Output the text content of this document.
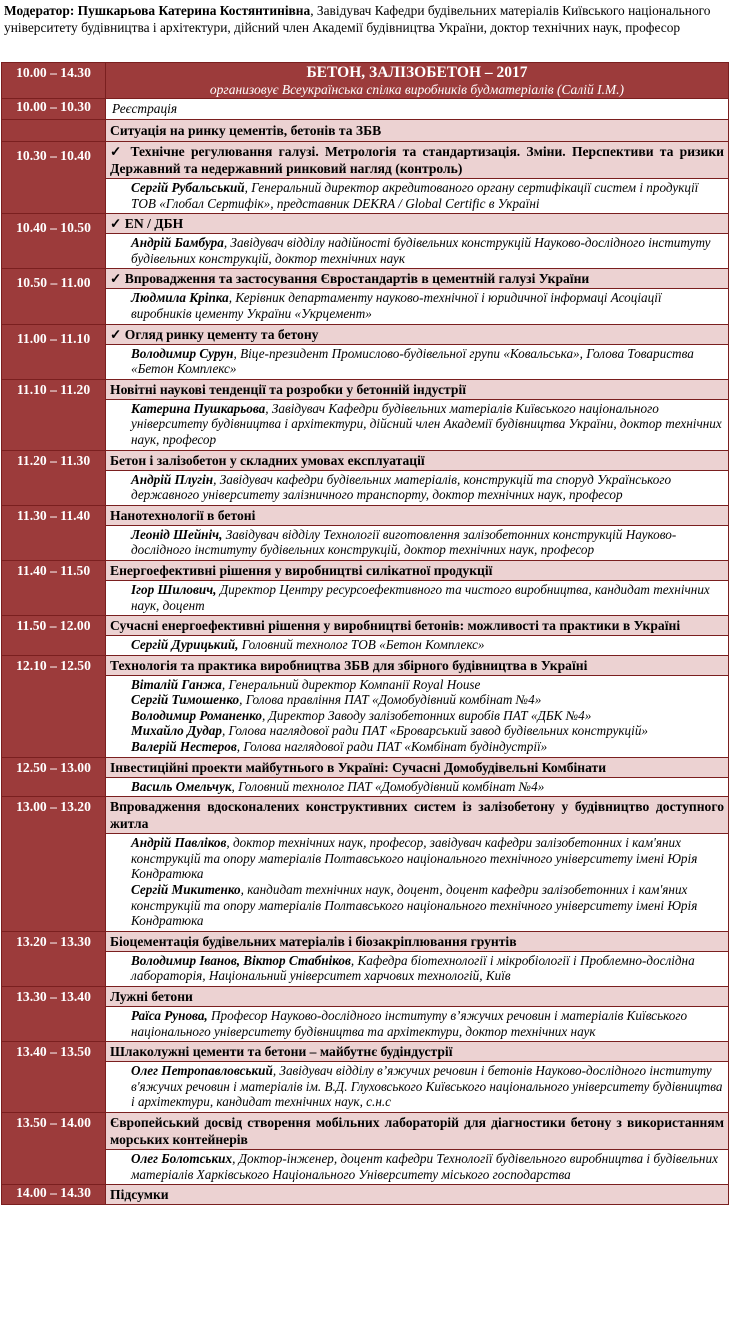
Модератор: Пушкарьова Катерина Костянтинівна, Завідувач Кафедри будівельних матеріалів Київського національного університету будівництва і архітектури, дійсний член Академії будівництва України, доктор технічних наук, професор
10.00 – 14.30	БЕТОН, ЗАЛІЗОБЕТОН – 2017
организовує Всеукраїнська спілка виробників будматеріалів (Салій І.М.)

10.00 – 10.30	Реєстрація
	Ситуація на ринку цементів, бетонів та ЗБВ

10.30 – 10.40	✓ Технічне регулювання галузі. Метрологія та стандартизація. Зміни. Перспективи та ризики Державний та недержавний ринковий нагляд (контроль)

	Сергій Рубальський, Генеральний директор акредитованого органу сертифікації систем і продукції ТОВ «Глобал Сертифік», представник DEKRA / Global Certific в Україні

10.40 – 10.50	✓ EN / ДБН

	Андрій Бамбура, Завідувач відділу надійності будівельних конструкцій Науково-дослідного інституту будівельних конструкцій, доктор технічних наук

10.50 – 11.00	✓ Впровадження та застосування Євростандартів в цементній галузі України

	Людмила Кріпка, Керівник департаменту науково-технічної і юридичної інформаці Асоціації виробників цементу України «Укрцемент»

11.00 – 11.10	✓ Огляд ринку цементу та бетону

	Володимир Сурун, Віце-президент Промислово-будівельної групи «Ковальська», Голова Товариства «Бетон Комплекс»

11.10 – 11.20	Новітні наукові тенденції та розробки у бетонній індустрії

	Катерина Пушкарьова, Завідувач Кафедри будівельних матеріалів Київського національного університету будівництва і архітектури, дійсний член Академії будівництва України, доктор технічних наук, професор

11.20 – 11.30	Бетон і залізобетон у складних умовах експлуатації

	Андрій Плугін, Завідувач кафедри будівельних матеріалів, конструкцій та споруд Українського державного університету залізничного транспорту, доктор технічних наук, професор

11.30 – 11.40	Нанотехнології в бетоні

	Леонід Шейніч, Завідувач відділу Технології виготовлення залізобетонних конструкцій Науково-дослідного інституту будівельних конструкцій, доктор технічних наук, професор

11.40 – 11.50	Енергоефективні рішення у виробництві силікатної продукції

	Ігор Шилович, Директор Центру ресурсоефективного та чистого виробництва, кандидат технічних наук, доцент

11.50 – 12.00	Сучасні енергоефективні рішення у виробництві бетонів: можливості та практики в Україні

	Сергій Дурицький, Головний технолог ТОВ «Бетон Комплекс»

12.10 – 12.50	Технологія та практика виробництва ЗБВ для збірного будівництва в Україні

	Віталій Ганжа, Генеральний директор Компанії Royal House
Сергій Тимошенко, Голова правління ПАТ «Домобудівний комбінат №4»
Володимир Романенко, Директор Заводу залізобетонних виробів ПАТ «ДБК №4»
Михайло Дудар, Голова наглядової ради ПАТ «Броварський завод будівельних конструкцій»
Валерій Нестеров, Голова наглядової ради ПАТ «Комбінат будіндустрії»

12.50 – 13.00	Інвестиційні проекти майбутнього в Україні: Сучасні Домобудівельні Комбінати

	Василь Омельчук, Головний технолог ПАТ «Домобудівний комбінат №4»

13.00 – 13.20	Впровадження вдосконалених конструктивних систем із залізобетону у будівництво доступного житла

	Андрій Павліков, доктор технічних наук, професор, завідувач кафедри залізобетонних і кам'яних конструкцій та опору матеріалів Полтавського національного технічного університету імені Юрія Кондратюка
Сергій Микитенко, кандидат технічних наук, доцент, доцент кафедри залізобетонних і кам'яних конструкцій та опору матеріалів Полтавського національного технічного університету імені Юрія Кондратюка

13.20 – 13.30	Біоцементація будівельних матеріалів і біозакріплювання грунтів

	Володимир Іванов, Віктор Стабніков, Кафедра біотехнології і мікробіології і Проблемно-дослідна лабораторія, Національний університет харчових технологій, Київ

13.30 – 13.40	Лужні бетони

	Раїса Рунова, Професор Науково-дослідного інституту в’яжучих речовин і матеріалів Київського національного університету будівництва та архітектури, доктор технічних наук

13.40 – 13.50	Шлаколужні цементи та бетони – майбутнє будіндустрії

	Олег Петропавловський, Завідувач відділу в’яжучих речовин і бетонів Науково-дослідного інституту в'яжучих речовин і матеріалів ім. В.Д. Глуховського Київського національного університету будівництва і архітектури, кандидат технічних наук, с.н.с

13.50 – 14.00	Європейський досвід створення мобільних лабораторій для діагностики бетону з використанням морських контейнерів

	Олег Болотських, Доктор-інженер, доцент кафедри Технології будівельного виробництва і будівельних матеріалів Харківського Національного Університету міського господарства

14.00 – 14.30	Підсумки
